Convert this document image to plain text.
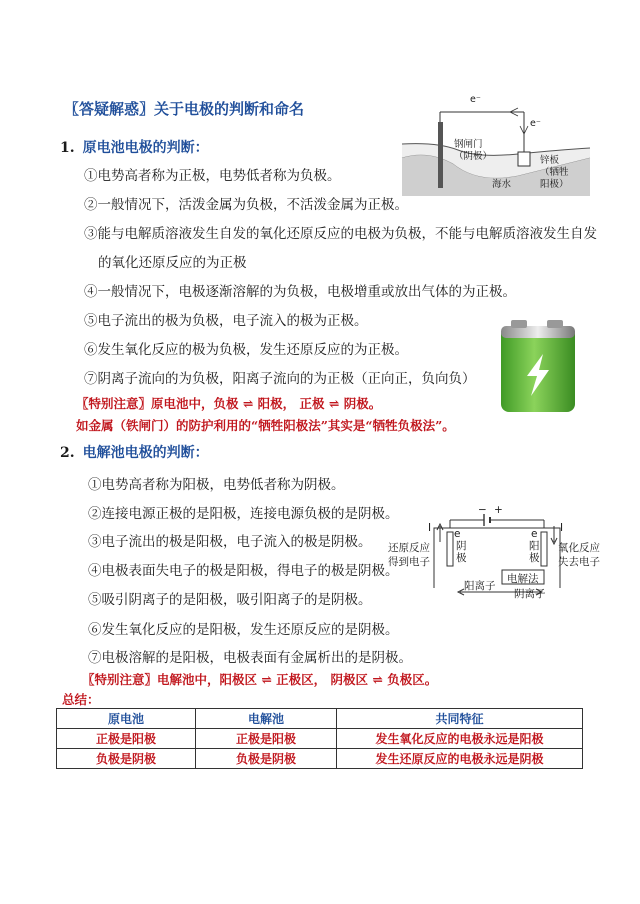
〖答疑解惑〗关于电极的判断和命名
1. 原电池电极的判断：
①电势高者称为正极，电势低者称为负极。
②一般情况下，活泼金属为负极，不活泼金属为正极。
③能与电解质溶液发生自发的氧化还原反应的电极为负极，不能与电解质溶液发生自发
的氧化还原反应的为正极
④一般情况下，电极逐渐溶解的为负极，电极增重或放出气体的为正极。
⑤电子流出的极为负极，电子流入的极为正极。
⑥发生氧化反应的极为负极，发生还原反应的为正极。
⑦阴离子流向的为负极，阳离子流向的为正极（正向正，负向负）
〖特别注意〗原电池中，负极 ⇌ 阳极， 正极 ⇌ 阴极。
如金属（铁闸门）的防护利用的“牺牲阳极法”其实是“牺牲负极法”。
e⁻
e⁻
钢闸门
（阴极）	锌板
（牺牲
阳极）
海水
2. 电解池电极的判断：
①电势高者称为阳极，电势低者称为阴极。
②连接电源正极的是阳极，连接电源负极的是阴极。
③电子流出的极是阳极，电子流入的极是阴极。
④电极表面失电子的极是阳极，得电子的极是阴极。
⑤吸引阴离子的是阳极，吸引阳离子的是阴极。
⑥发生氧化反应的是阳极，发生还原反应的是阴极。
⑦电极溶解的是阳极，电极表面有金属析出的是阴极。
〖特别注意〗电解池中，阳极区 ⇌ 正极区， 阴极区 ⇌ 负极区。
− +
e	e
I	I
阴
极
阳
极
还原反应
得到电子
氧化反应
失去电子
电解法
阳离子
阴离子
总结：
原电池	电解池	共同特征
正极是阳极	正极是阳极	发生氧化反应的电极永远是阳极
负极是阴极	负极是阴极	发生还原反应的电极永远是阴极
